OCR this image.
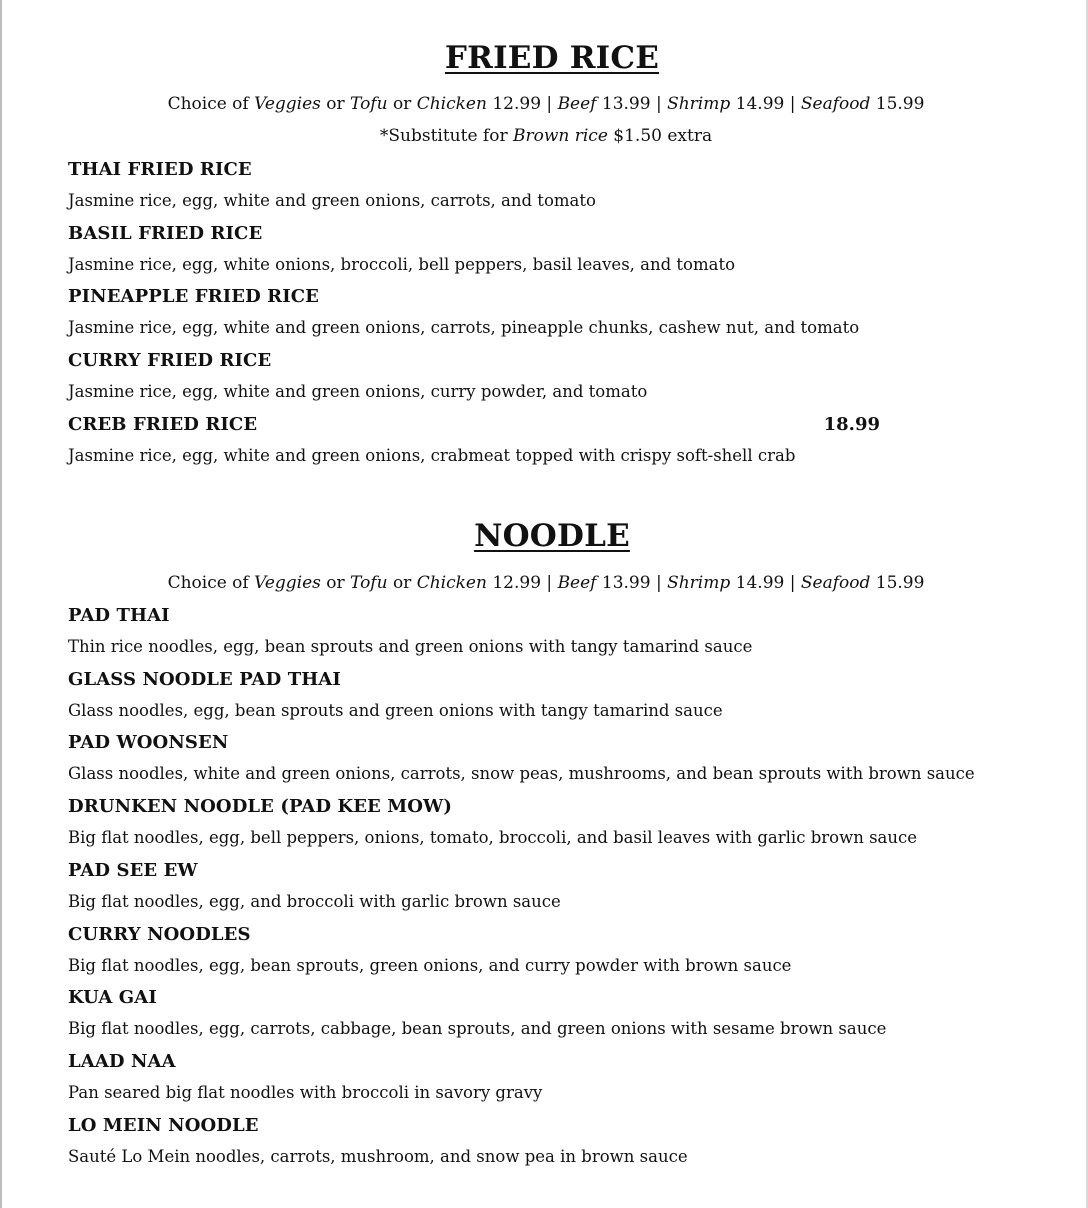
FRIED RICE
Choice of Veggies or Tofu or Chicken 12.99 | Beef 13.99 | Shrimp 14.99 | Seafood 15.99
*Substitute for Brown rice $1.50 extra
THAI FRIED RICE
Jasmine rice, egg, white and green onions, carrots, and tomato
BASIL FRIED RICE
Jasmine rice, egg, white onions, broccoli, bell peppers, basil leaves, and tomato
PINEAPPLE FRIED RICE
Jasmine rice, egg, white and green onions, carrots, pineapple chunks, cashew nut, and tomato
CURRY FRIED RICE
Jasmine rice, egg, white and green onions, curry powder, and tomato
CREB FRIED RICE	18.99
Jasmine rice, egg, white and green onions, crabmeat topped with crispy soft-shell crab
NOODLE
Choice of Veggies or Tofu or Chicken 12.99 | Beef 13.99 | Shrimp 14.99 | Seafood 15.99
PAD THAI
Thin rice noodles, egg, bean sprouts and green onions with tangy tamarind sauce
GLASS NOODLE PAD THAI
Glass noodles, egg, bean sprouts and green onions with tangy tamarind sauce
PAD WOONSEN
Glass noodles, white and green onions, carrots, snow peas, mushrooms, and bean sprouts with brown sauce
DRUNKEN NOODLE (PAD KEE MOW)
Big flat noodles, egg, bell peppers, onions, tomato, broccoli, and basil leaves with garlic brown sauce
PAD SEE EW
Big flat noodles, egg, and broccoli with garlic brown sauce
CURRY NOODLES
Big flat noodles, egg, bean sprouts, green onions, and curry powder with brown sauce
KUA GAI
Big flat noodles, egg, carrots, cabbage, bean sprouts, and green onions with sesame brown sauce
LAAD NAA
Pan seared big flat noodles with broccoli in savory gravy
LO MEIN NOODLE
Sauté Lo Mein noodles, carrots, mushroom, and snow pea in brown sauce
